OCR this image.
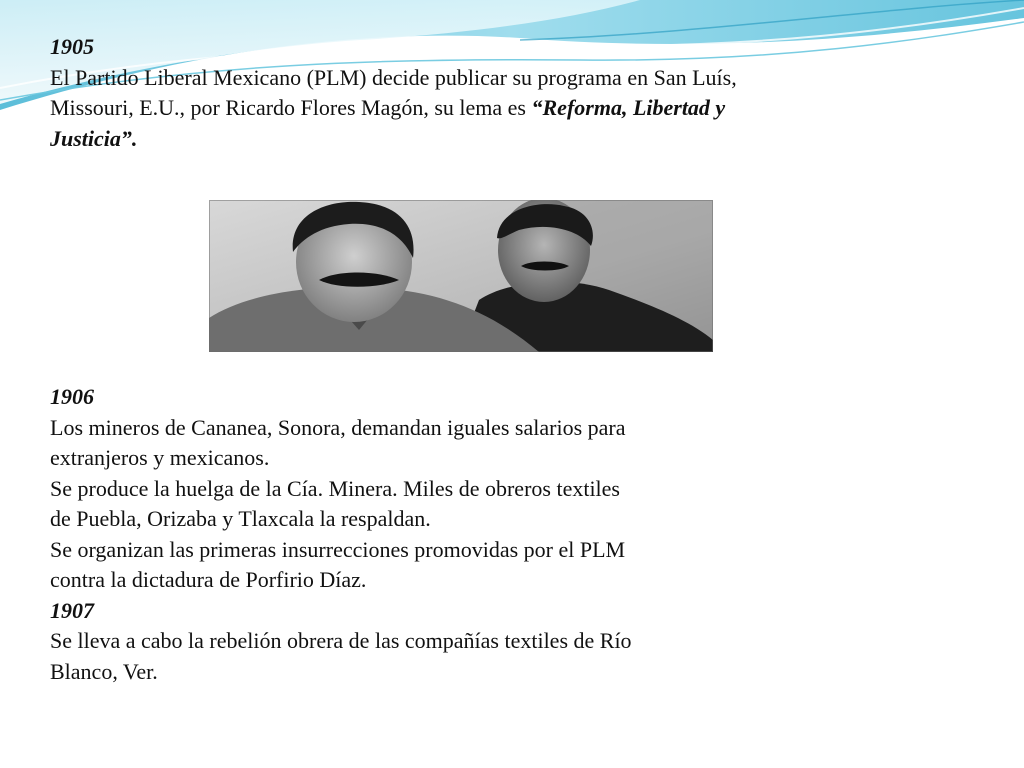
1905
El Partido Liberal Mexicano (PLM) decide publicar su programa en San Luís,
Missouri, E.U., por Ricardo Flores Magón, su lema es “Reforma, Libertad y
Justicia”.
1906
Los mineros de Cananea, Sonora, demandan iguales salarios para
extranjeros y mexicanos.
Se produce la huelga de la Cía. Minera. Miles de obreros textiles
de Puebla, Orizaba y Tlaxcala la respaldan.
Se organizan las primeras insurrecciones promovidas por el PLM
contra la dictadura de Porfirio Díaz.
1907
Se lleva a cabo la rebelión obrera de las compañías textiles de Río
Blanco, Ver.
